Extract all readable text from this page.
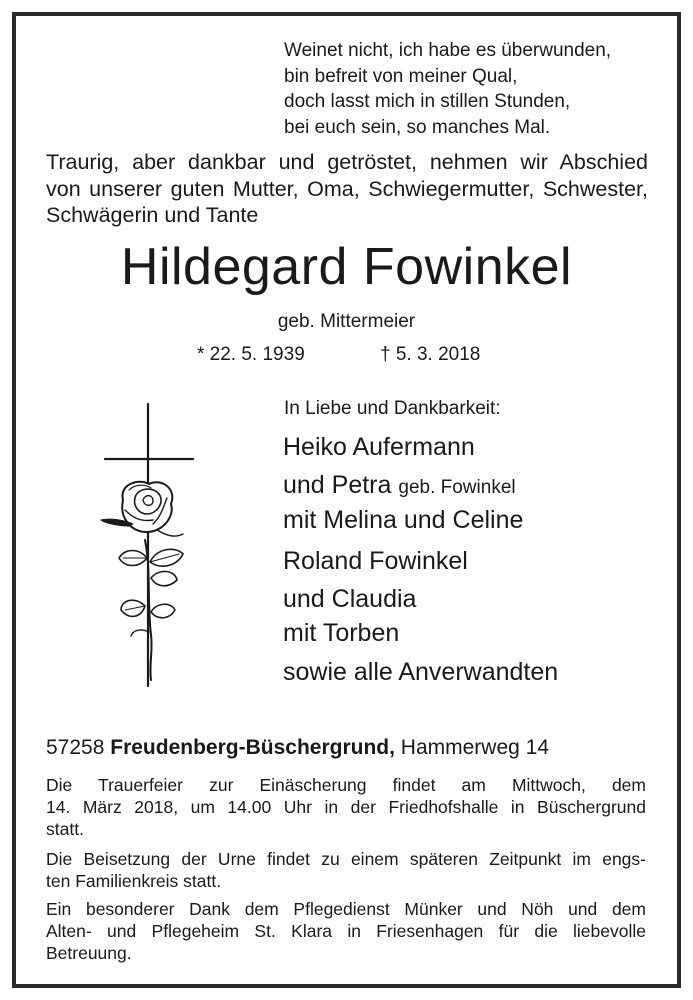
Weinet nicht, ich habe es überwunden,
bin befreit von meiner Qual,
doch lasst mich in stillen Stunden,
bei euch sein, so manches Mal.
Traurig, aber dankbar und getröstet, nehmen wir Abschied
von unserer guten Mutter, Oma, Schwiegermutter, Schwester,
Schwägerin und Tante
Hildegard Fowinkel
geb. Mittermeier
* 22. 5. 1939	† 5. 3. 2018
In Liebe und Dankbarkeit:
Heiko Aufermann
und Petra geb. Fowinkel
mit Melina und Celine
Roland Fowinkel
und Claudia
mit Torben
sowie alle Anverwandten
57258 Freudenberg-Büschergrund, Hammerweg 14
Die Trauerfeier zur Einäscherung findet am Mittwoch, dem
14. März 2018, um 14.00 Uhr in der Friedhofshalle in Büschergrund
statt.
Die Beisetzung der Urne findet zu einem späteren Zeitpunkt im engs-
ten Familienkreis statt.
Ein besonderer Dank dem Pflegedienst Münker und Nöh und dem
Alten- und Pflegeheim St. Klara in Friesenhagen für die liebevolle
Betreuung.
